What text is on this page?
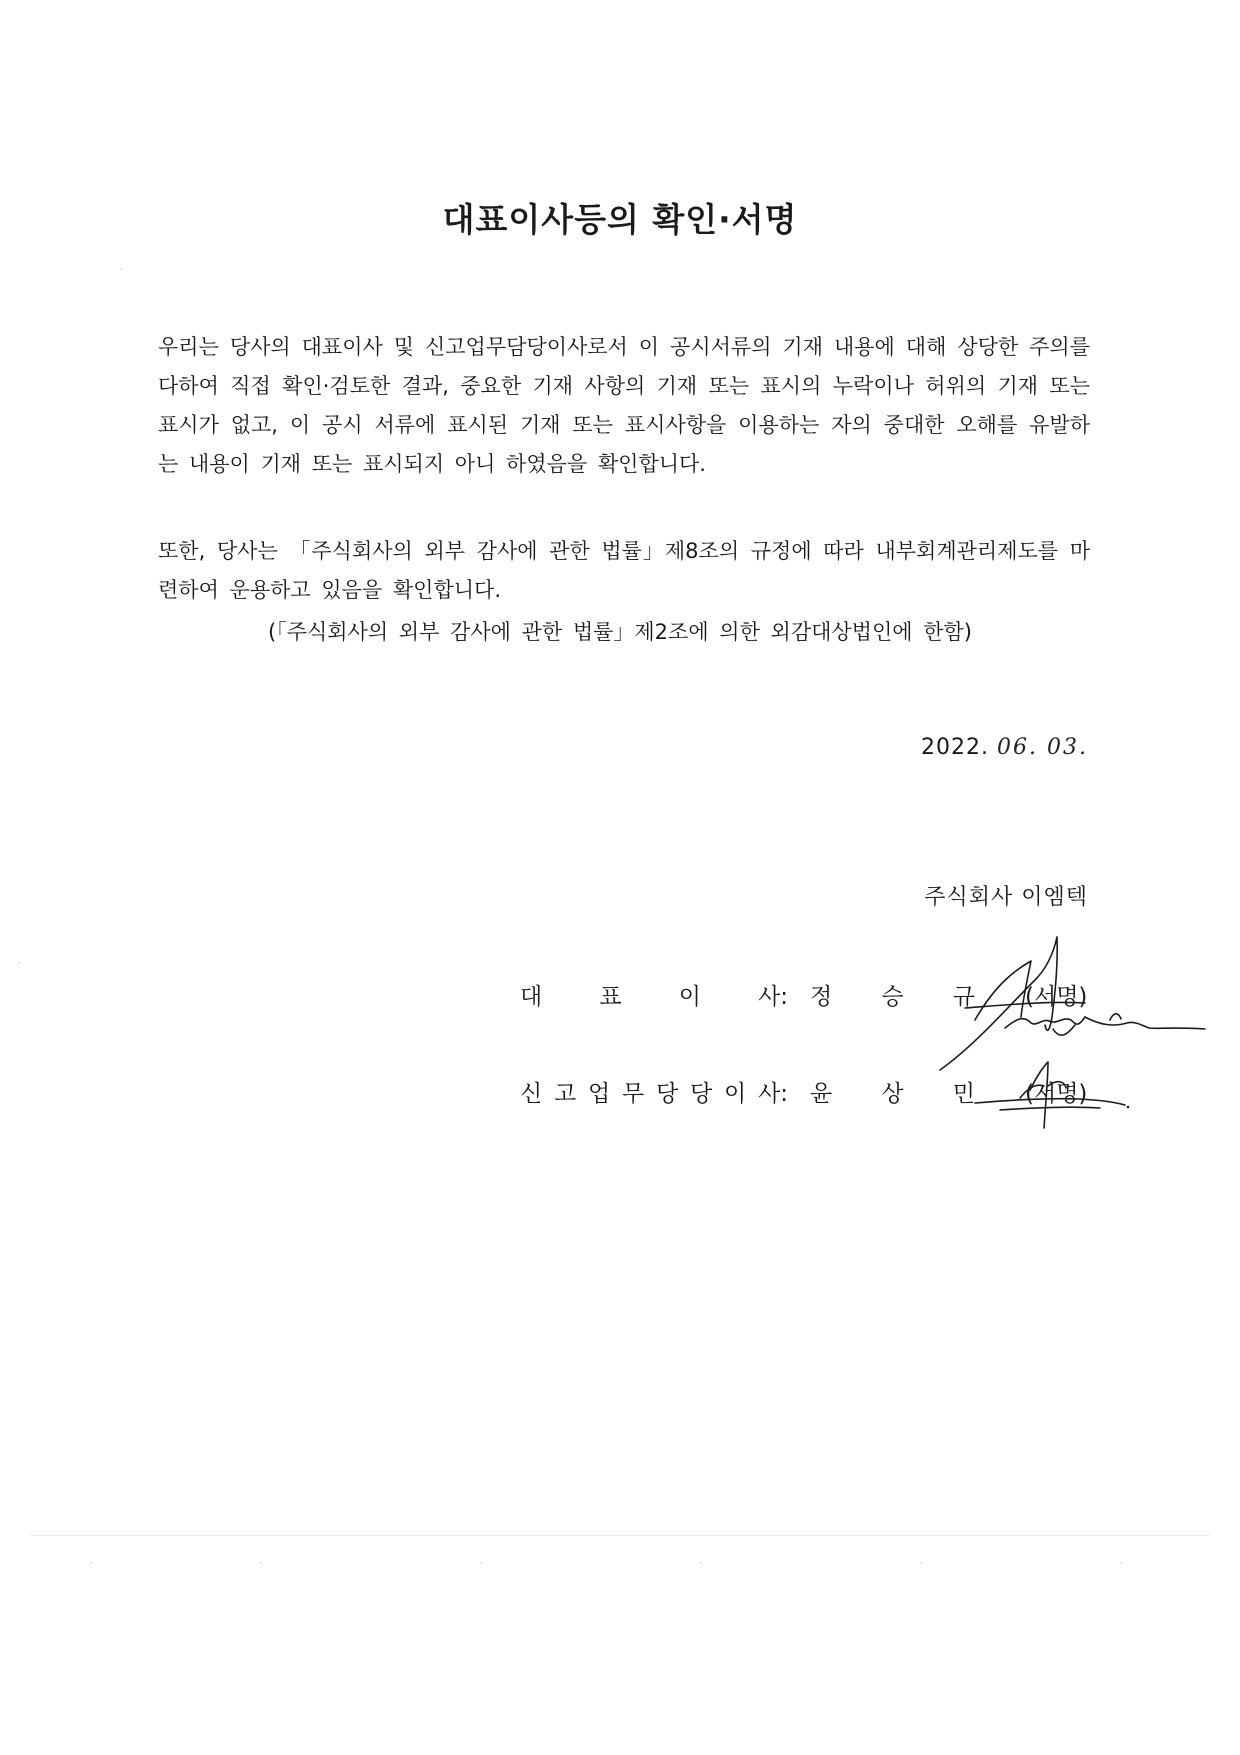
대표이사등의 확인·서명
우리는 당사의 대표이사 및 신고업무담당이사로서 이 공시서류의 기재 내용에 대해 상당한 주의를 다하여 직접 확인·검토한 결과, 중요한 기재 사항의 기재 또는 표시의 누락이나 허위의 기재 또는 표시가 없고, 이 공시 서류에 표시된 기재 또는 표시사항을 이용하는 자의 중대한 오해를 유발하는 내용이 기재 또는 표시되지 아니 하였음을 확인합니다.
또한, 당사는 「주식회사의 외부 감사에 관한 법률」제8조의 규정에 따라 내부회계관리제도를 마련하여 운용하고 있음을 확인합니다.
(「주식회사의 외부 감사에 관한 법률」제2조에 의한 외감대상법인에 한함)
2022. 06. 03.
주식회사 이엠텍
대 표 이 사: 정 승 규 (서명)
신 고 업 무 당 당 이 사: 윤 상 민 (서명)
